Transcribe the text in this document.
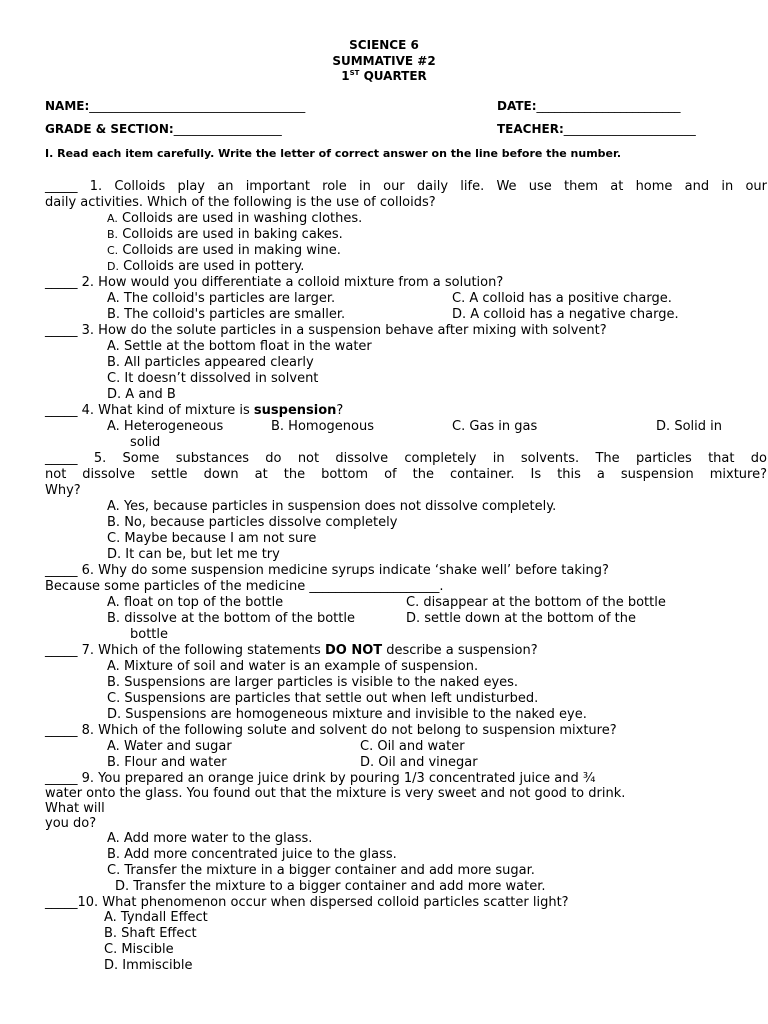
SCIENCE 6
SUMMATIVE #2
1ST QUARTER
NAME:____________________________________	DATE:________________________
GRADE & SECTION:__________________	TEACHER:______________________
I. Read each item carefully. Write the letter of correct answer on the line before the number.
_____ 1. Colloids play an important role in our daily life. We use them at home and in our
daily activities. Which of the following is the use of colloids?
A. Colloids are used in washing clothes.
B. Colloids are used in baking cakes.
C. Colloids are used in making wine.
D. Colloids are used in pottery.
_____ 2. How would you differentiate a colloid mixture from a solution?
A. The colloid's particles are larger.	C. A colloid has a positive charge.
B. The colloid's particles are smaller.	D. A colloid has a negative charge.
_____ 3. How do the solute particles in a suspension behave after mixing with solvent?
A. Settle at the bottom float in the water
B. All particles appeared clearly
C. It doesn’t dissolved in solvent
D. A and B
_____ 4. What kind of mixture is suspension?
A. Heterogeneous	B. Homogenous	C. Gas in gas	D. Solid in
solid
_____ 5. Some substances do not dissolve completely in solvents. The particles that do
not dissolve settle down at the bottom of the container. Is this a suspension mixture?
Why?
A. Yes, because particles in suspension does not dissolve completely.
B. No, because particles dissolve completely
C. Maybe because I am not sure
D. It can be, but let me try
_____ 6. Why do some suspension medicine syrups indicate ‘shake well’ before taking?
Because some particles of the medicine ____________________.
A. float on top of the bottle	C. disappear at the bottom of the bottle
B. dissolve at the bottom of the bottle	D. settle down at the bottom of the
bottle
_____ 7. Which of the following statements DO NOT describe a suspension?
A. Mixture of soil and water is an example of suspension.
B. Suspensions are larger particles is visible to the naked eyes.
C. Suspensions are particles that settle out when left undisturbed.
D. Suspensions are homogeneous mixture and invisible to the naked eye.
_____ 8. Which of the following solute and solvent do not belong to suspension mixture?
A. Water and sugar	C. Oil and water
B. Flour and water	D. Oil and vinegar
_____ 9. You prepared an orange juice drink by pouring 1/3 concentrated juice and ¾
water onto the glass. You found out that the mixture is very sweet and not good to drink.
What will
you do?
A. Add more water to the glass.
B. Add more concentrated juice to the glass.
C. Transfer the mixture in a bigger container and add more sugar.
D. Transfer the mixture to a bigger container and add more water.
_____10. What phenomenon occur when dispersed colloid particles scatter light?
A. Tyndall Effect
B. Shaft Effect
C. Miscible
D. Immiscible
